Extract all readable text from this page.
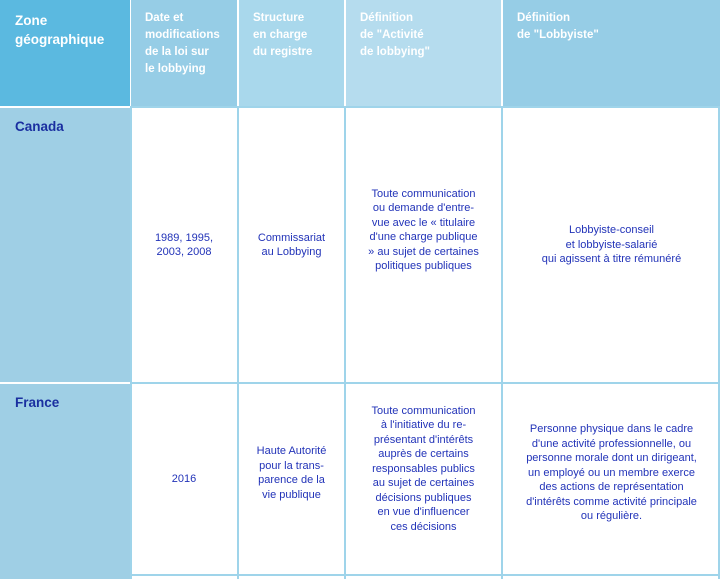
Zone
géographique
Date et
modifications
de la loi sur
le lobbying
Structure
en charge
du registre
Définition
de "Activité
de lobbying"
Définition
de "Lobbyiste"
Canada
1989, 1995,
2003, 2008
Commissariat
au Lobbying
Toute communication
ou demande d'entre-
vue avec le « titulaire
d'une charge publique
» au sujet de certaines
politiques publiques
Lobbyiste-conseil
et lobbyiste-salarié
qui agissent à titre rémunéré
France
2016
Haute Autorité
pour la trans-
parence de la
vie publique
Toute communication
à l'initiative du re-
présentant d'intérêts
auprès de certains
responsables publics
au sujet de certaines
décisions publiques
en vue d'influencer
ces décisions
Personne physique dans le cadre
d'une activité professionnelle, ou
personne morale dont un dirigeant,
un employé ou un membre exerce
des actions de représentation
d'intérêts comme activité principale
ou régulière.
